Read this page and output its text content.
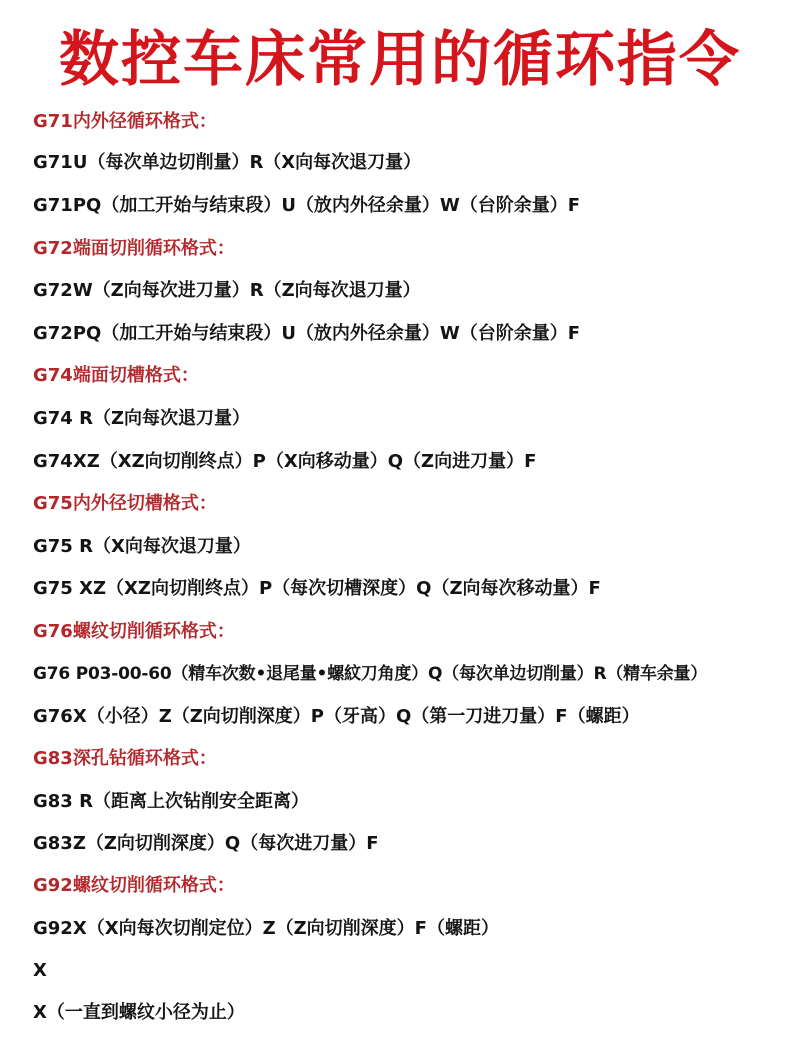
数控车床常用的循环指令
G71内外径循环格式：
G71U（每次单边切削量）R（X向每次退刀量）
G71PQ（加工开始与结束段）U（放内外径余量）W（台阶余量）F
G72端面切削循环格式：
G72W（Z向每次进刀量）R（Z向每次退刀量）
G72PQ（加工开始与结束段）U（放内外径余量）W（台阶余量）F
G74端面切槽格式：
G74 R（Z向每次退刀量）
G74XZ（XZ向切削终点）P（X向移动量）Q（Z向进刀量）F
G75内外径切槽格式：
G75 R（X向每次退刀量）
G75 XZ（XZ向切削终点）P（每次切槽深度）Q（Z向每次移动量）F
G76螺纹切削循环格式：
G76 P03-00-60（精车次数•退尾量•螺紋刀角度）Q（每次单边切削量）R（精车余量）
G76X（小径）Z（Z向切削深度）P（牙高）Q（第一刀进刀量）F（螺距）
G83深孔钻循环格式：
G83 R（距离上次钻削安全距离）
G83Z（Z向切削深度）Q（每次进刀量）F
G92螺纹切削循环格式：
G92X（X向每次切削定位）Z（Z向切削深度）F（螺距）
X
X（一直到螺纹小径为止）
